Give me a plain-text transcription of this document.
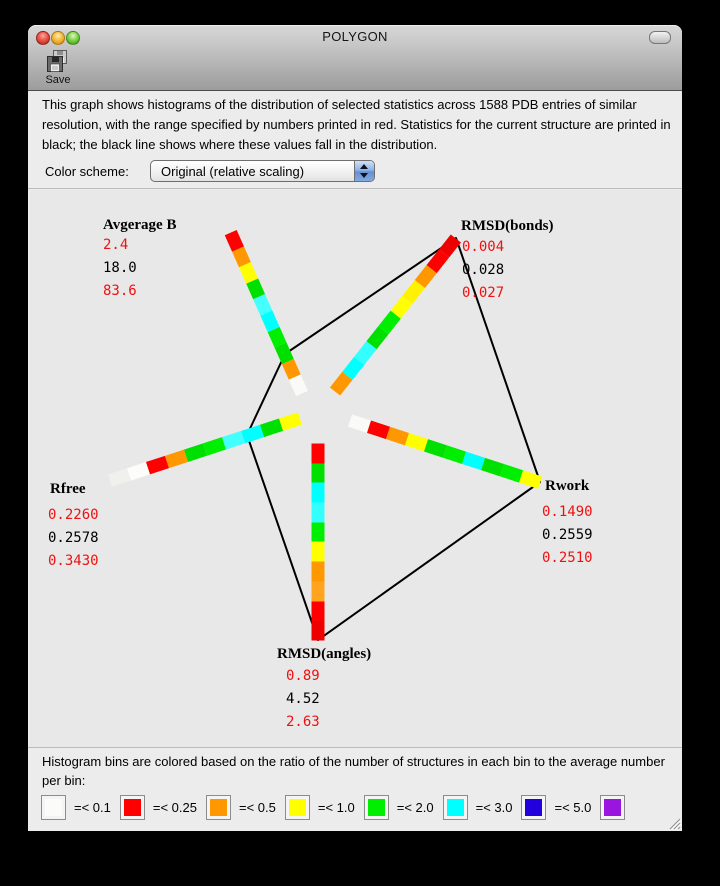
POLYGON
Save
This graph shows histograms of the distribution of selected statistics across 1588 PDB entries of similar resolution, with the range specified by numbers printed in red. Statistics for the current structure are printed in black; the black line shows where these values fall in the distribution.
Color scheme: Original (relative scaling)
Avgerage B
2.4
18.0
83.6
RMSD(bonds)
0.004
0.028
0.027
Rwork
0.1490
0.2559
0.2510
RMSD(angles)
0.89
4.52
2.63
Rfree
0.2260
0.2578
0.3430
Histogram bins are colored based on the ratio of the number of structures in each bin to the average number per bin:
=< 0.1	=< 0.25	=< 0.5	=< 1.0	=< 2.0	=< 3.0	=< 5.0
